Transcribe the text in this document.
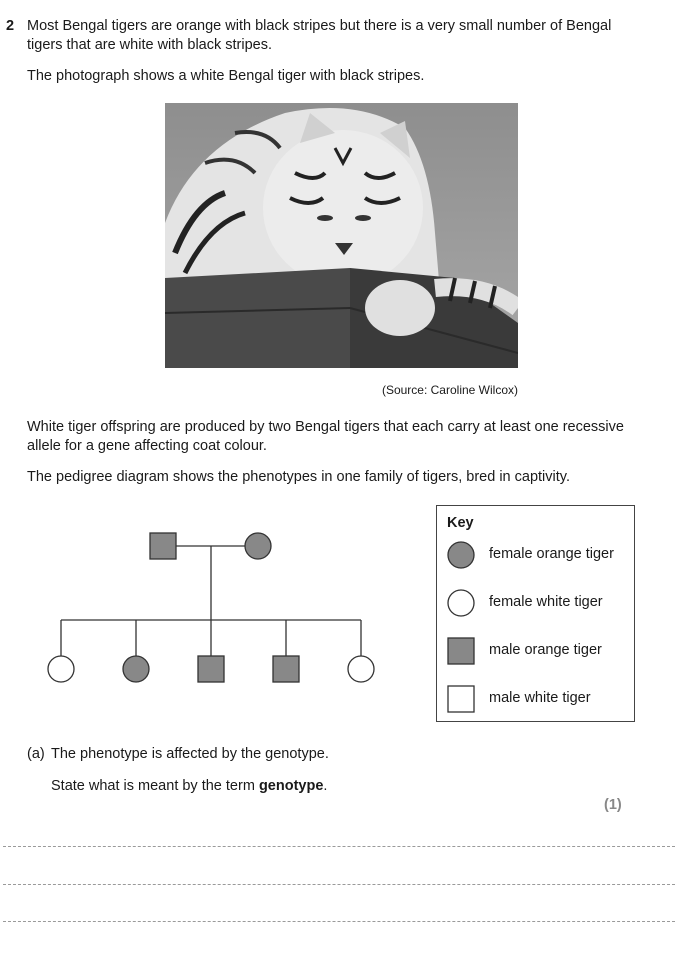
2 Most Bengal tigers are orange with black stripes but there is a very small number of Bengal tigers that are white with black stripes.
The photograph shows a white Bengal tiger with black stripes.
(Source: Caroline Wilcox)
White tiger offspring are produced by two Bengal tigers that each carry at least one recessive allele for a gene affecting coat colour.
The pedigree diagram shows the phenotypes in one family of tigers, bred in captivity.
Key
female orange tiger
female white tiger
male orange tiger
male white tiger
(a) The phenotype is affected by the genotype.
State what is meant by the term genotype.
(1)
